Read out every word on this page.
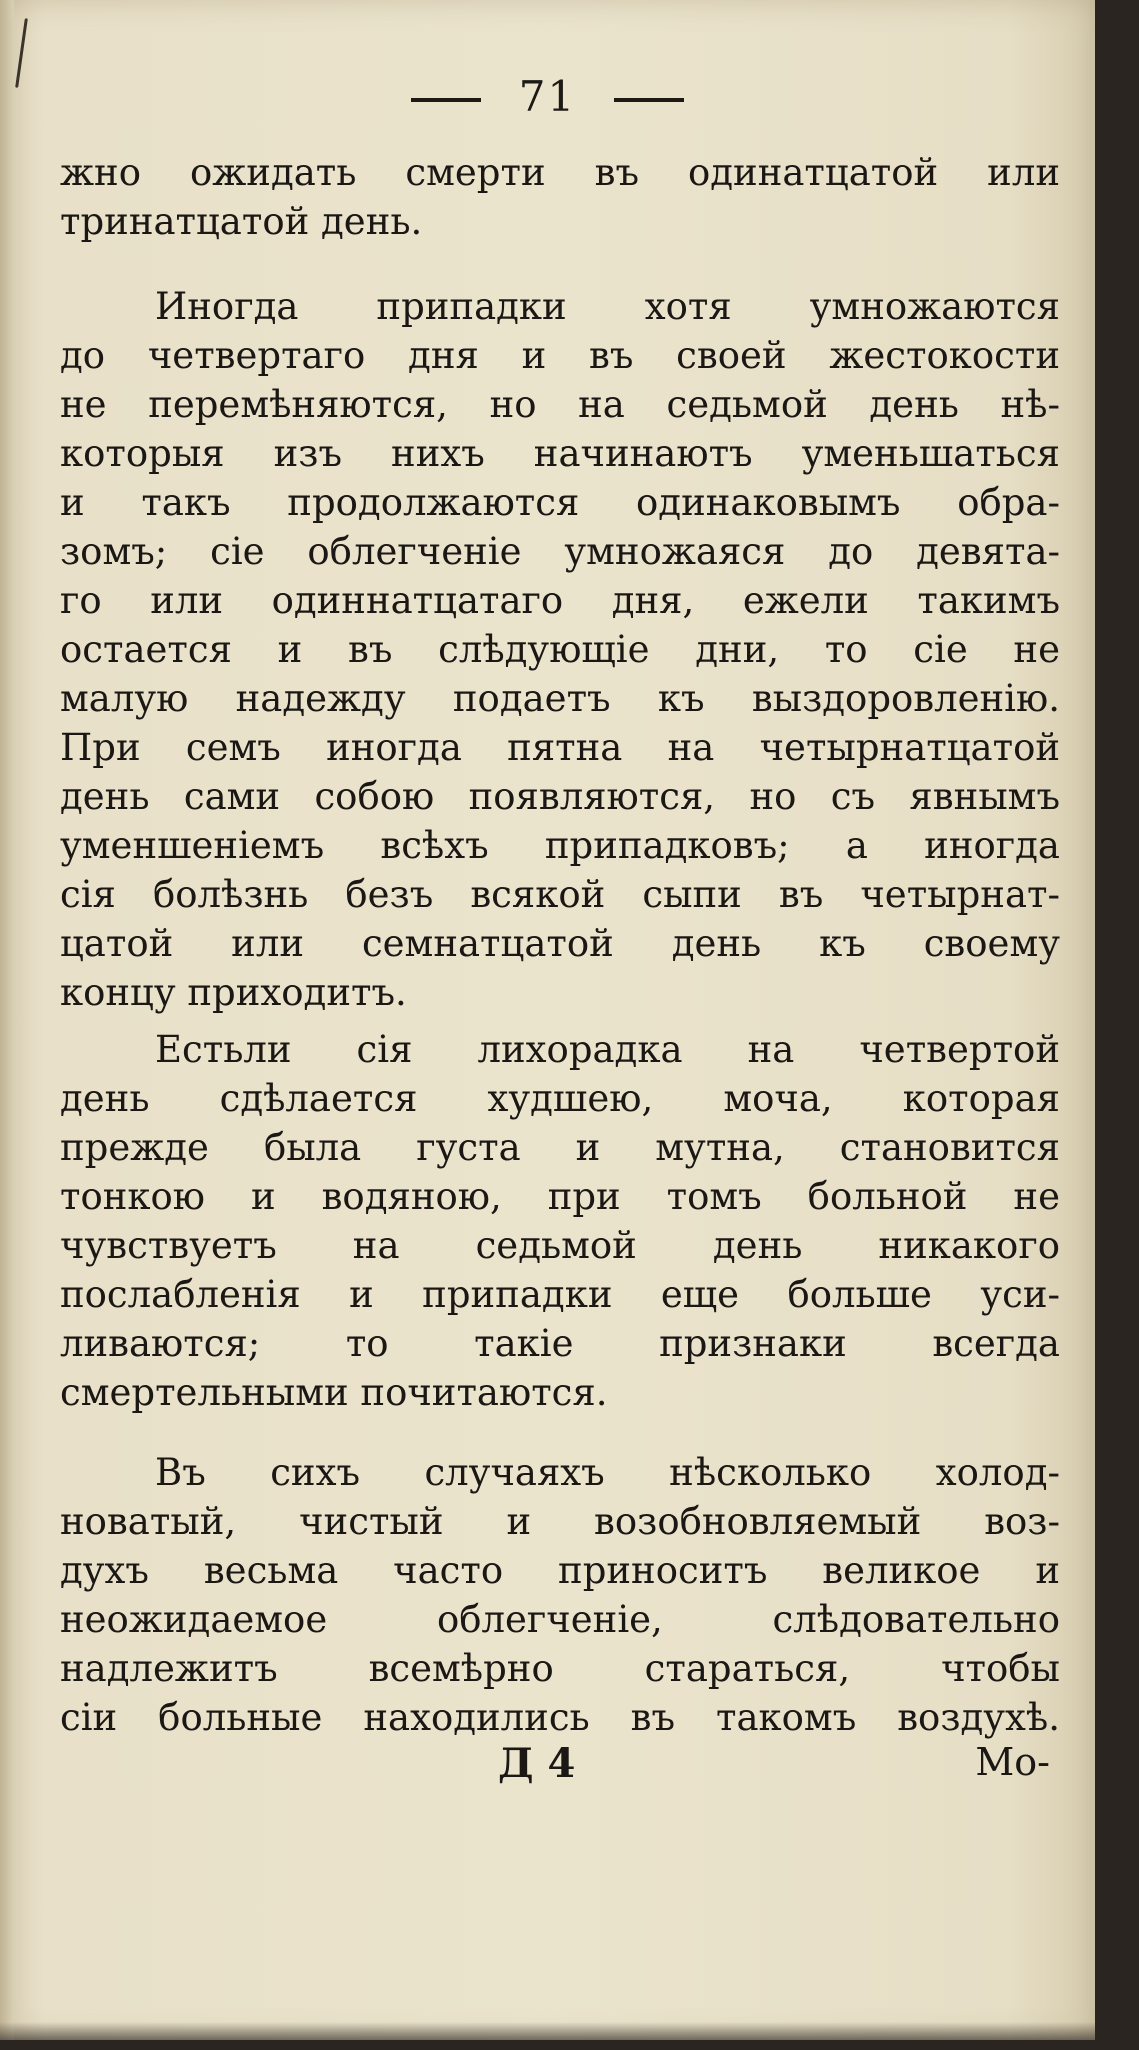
71
жно ожидать смерти въ одинатцатой или
тринатцатой день.
Иногда припадки хотя умножаются
до четвертаго дня и въ своей жестокости
не перемѣняются, но на седьмой день нѣ-
которыя изъ нихъ начинаютъ уменьшаться
и такъ продолжаются одинаковымъ обра-
зомъ; сіе облегченіе умножаяся до девята-
го или одиннатцатаго дня, ежели такимъ
остается и въ слѣдующіе дни, то сіе не
малую надежду подаетъ къ выздоровленію.
При семъ иногда пятна на четырнатцатой
день сами собою появляются, но съ явнымъ
уменшеніемъ всѣхъ припадковъ; а иногда
сія болѣзнь безъ всякой сыпи въ четырнат-
цатой или семнатцатой день къ своему
концу приходитъ.
Естьли сія лихорадка на четвертой
день сдѣлается худшею, моча, которая
прежде была густа и мутна, становится
тонкою и водяною, при томъ больной не
чувствуетъ на седьмой день никакого
послабленія и припадки еще больше уси-
ливаются; то такіе признаки всегда
смертельными почитаются.
Въ сихъ случаяхъ нѣсколько холод-
новатый, чистый и возобновляемый воз-
духъ весьма часто приноситъ великое и
неожидаемое облегченіе, слѣдовательно
надлежитъ всемѣрно стараться, чтобы
сіи больные находились въ такомъ воздухѣ.
Д 4	Мо-
